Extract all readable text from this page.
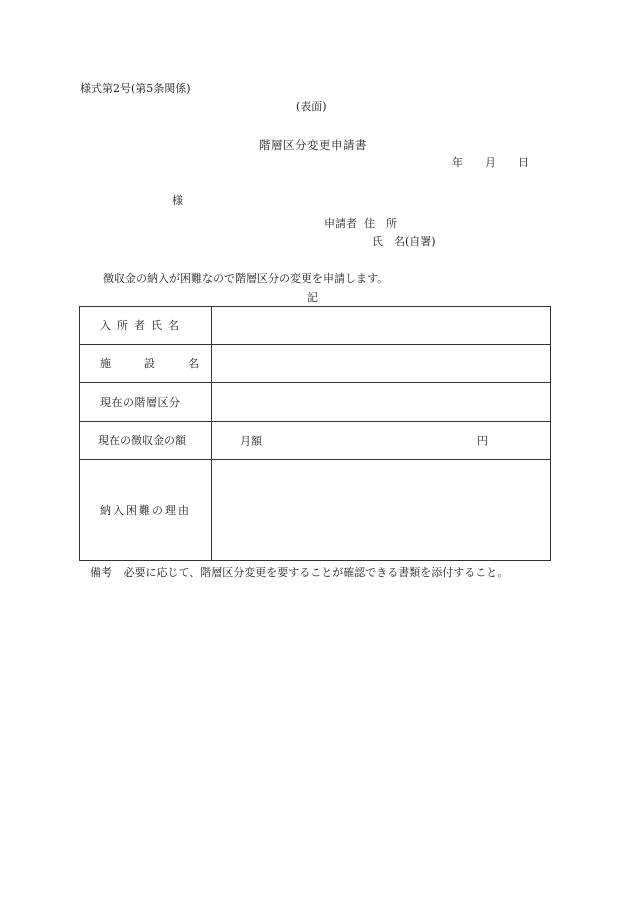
様式第2号(第5条関係)
(表面)
階層区分変更申請書
年 月 日
様
申請者 住　所
氏　名(自署)
徴収金の納入が困難なので階層区分の変更を申請します。
記
入所者氏名	
施 設 名	
現在の階層区分	
現在の徴収金の額	月額 円

納入困難の理由	
備考 必要に応じて、階層区分変更を要することが確認できる書類を添付すること。
